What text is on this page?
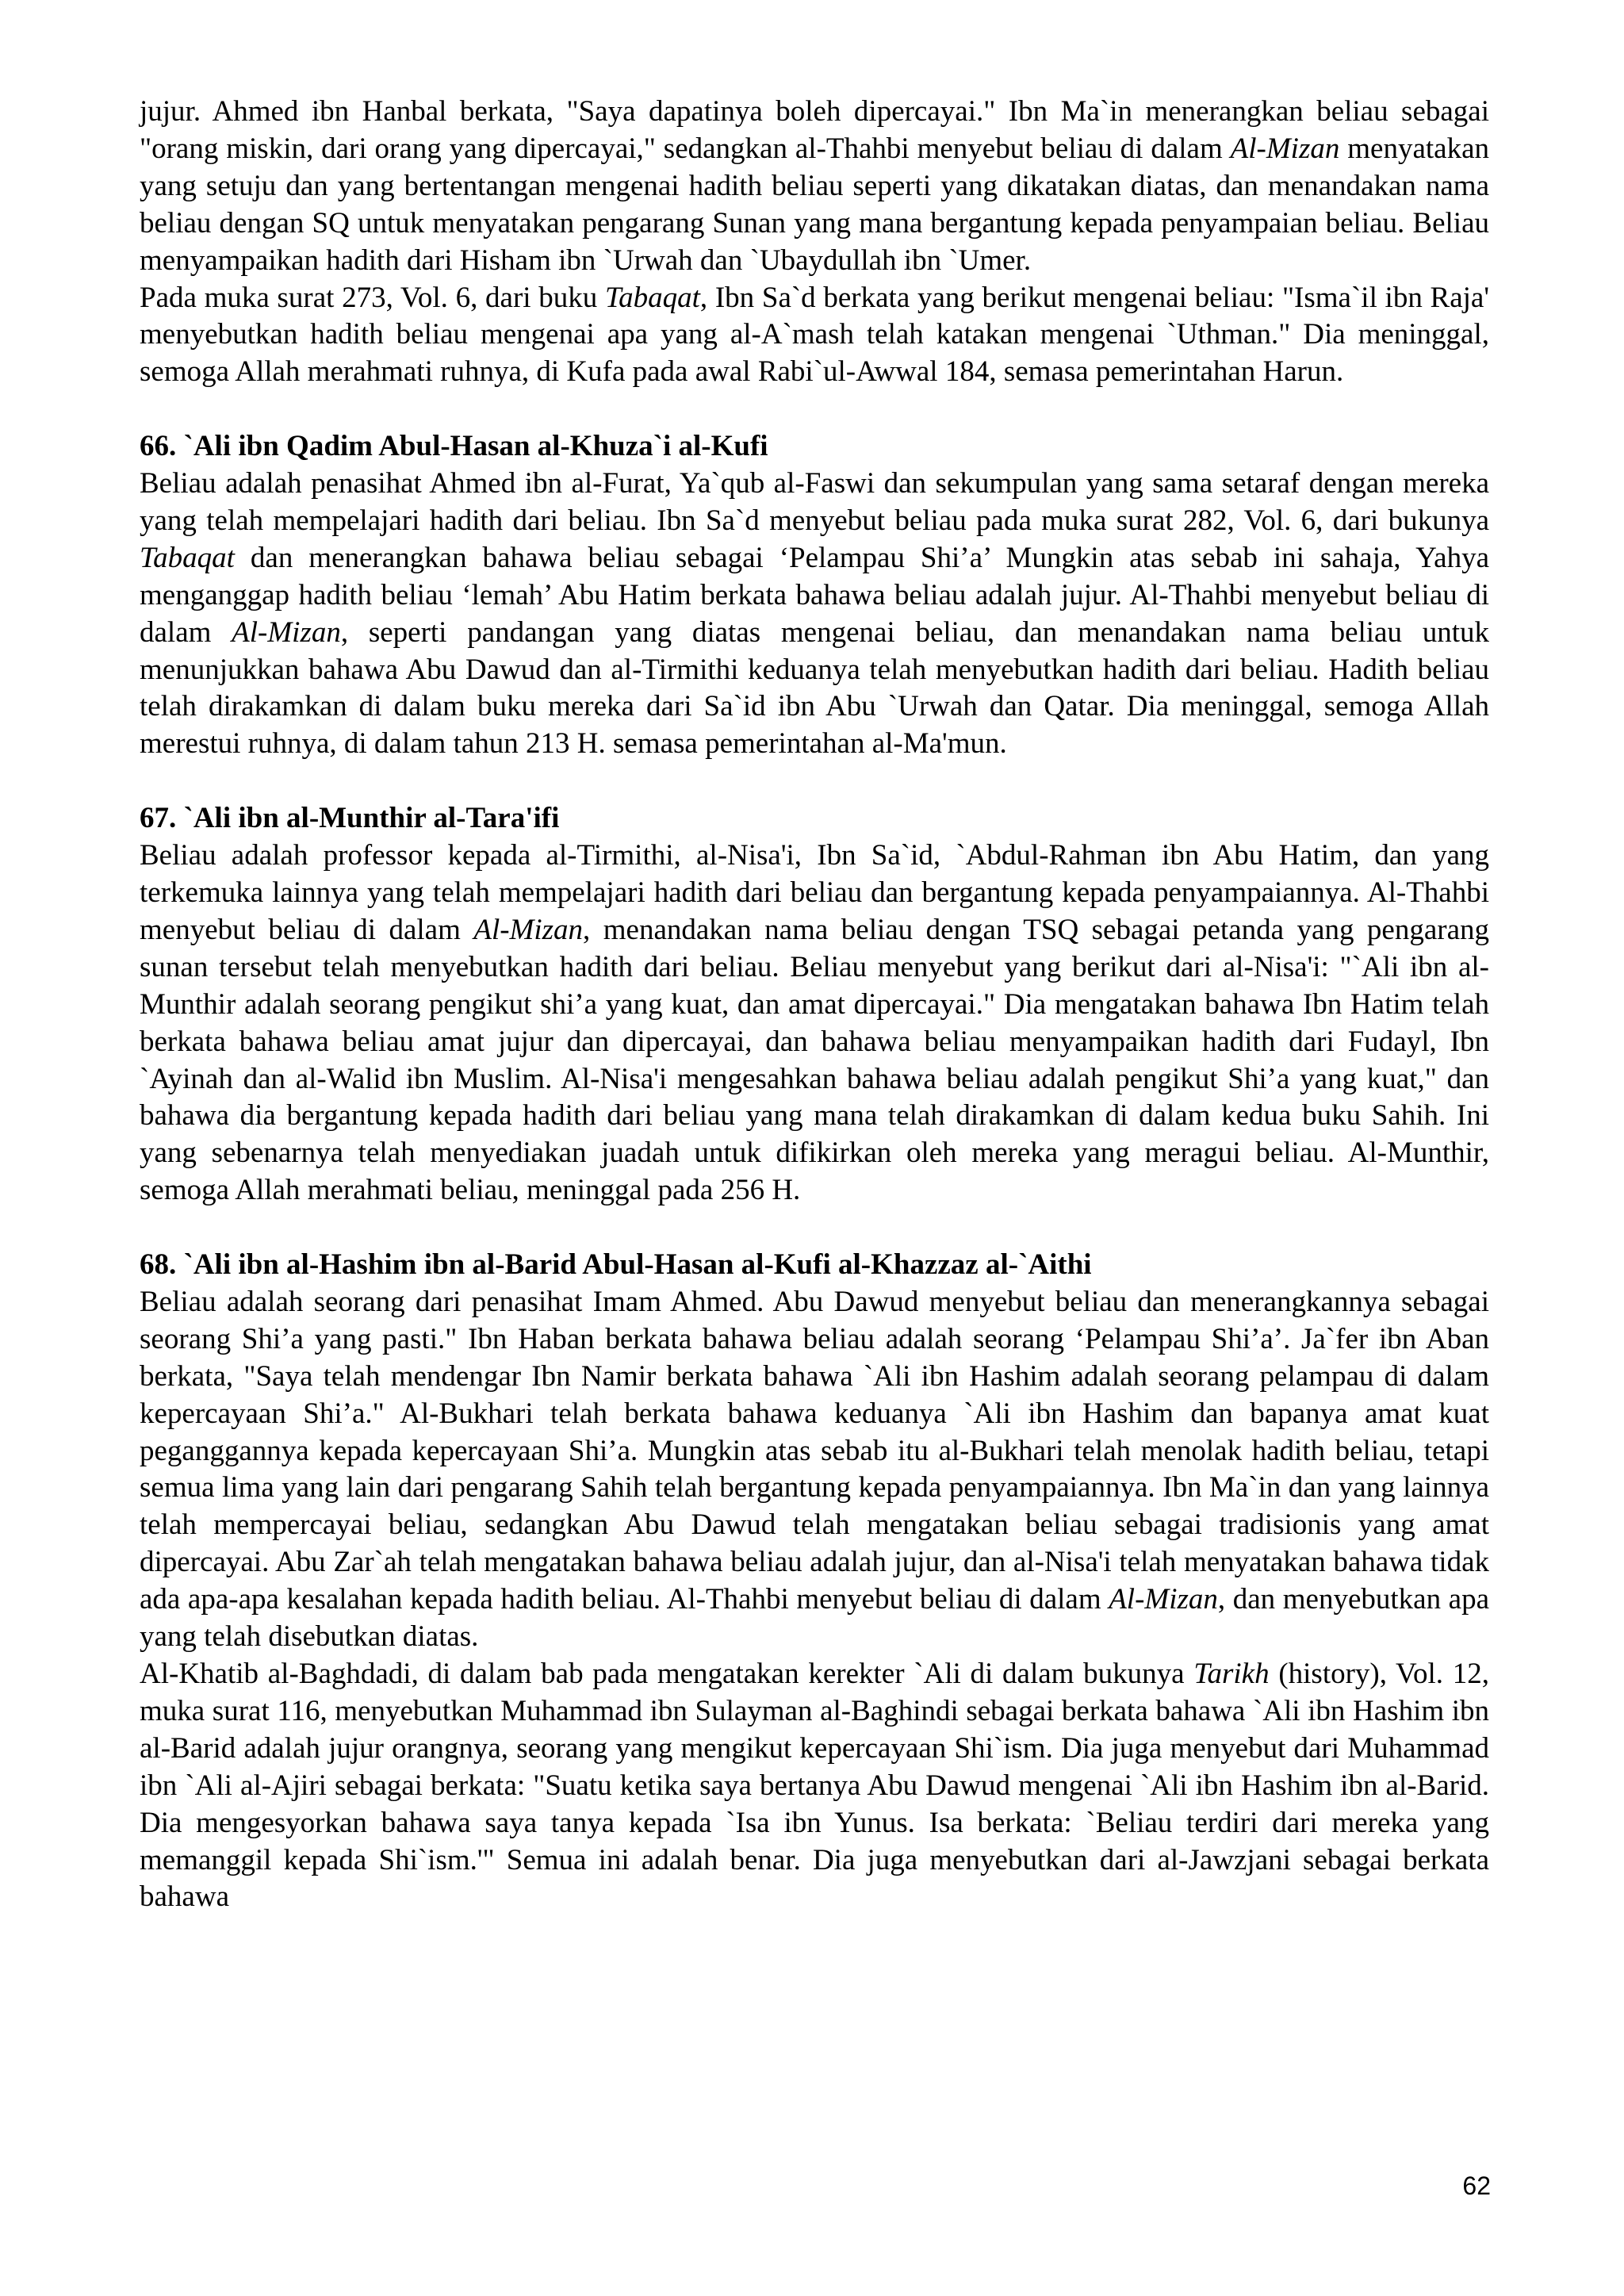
jujur. Ahmed ibn Hanbal berkata, "Saya dapatinya boleh dipercayai." Ibn Ma`in menerangkan beliau sebagai "orang miskin, dari orang yang dipercayai," sedangkan al-Thahbi menyebut beliau di dalam Al-Mizan menyatakan yang setuju dan yang bertentangan mengenai hadith beliau seperti yang dikatakan diatas, dan menandakan nama beliau dengan SQ untuk menyatakan pengarang Sunan yang mana bergantung kepada penyampaian beliau. Beliau menyampaikan hadith dari Hisham ibn `Urwah dan `Ubaydullah ibn `Umer.

Pada muka surat 273, Vol. 6, dari buku Tabaqat, Ibn Sa`d berkata yang berikut mengenai beliau: "Isma`il ibn Raja' menyebutkan hadith beliau mengenai apa yang al-A`mash telah katakan mengenai `Uthman." Dia meninggal, semoga Allah merahmati ruhnya, di Kufa pada awal Rabi`ul-Awwal 184, semasa pemerintahan Harun.

66. `Ali ibn Qadim Abul-Hasan al-Khuza`i al-Kufi

Beliau adalah penasihat Ahmed ibn al-Furat, Ya`qub al-Faswi dan sekumpulan yang sama setaraf dengan mereka yang telah mempelajari hadith dari beliau. Ibn Sa`d menyebut beliau pada muka surat 282, Vol. 6, dari bukunya Tabaqat dan menerangkan bahawa beliau sebagai ‘Pelampau Shi’a’ Mungkin atas sebab ini sahaja, Yahya menganggap hadith beliau ‘lemah’ Abu Hatim berkata bahawa beliau adalah jujur. Al-Thahbi menyebut beliau di dalam Al-Mizan, seperti pandangan yang diatas mengenai beliau, dan menandakan nama beliau untuk menunjukkan bahawa Abu Dawud dan al-Tirmithi keduanya telah menyebutkan hadith dari beliau. Hadith beliau telah dirakamkan di dalam buku mereka dari Sa`id ibn Abu `Urwah dan Qatar. Dia meninggal, semoga Allah merestui ruhnya, di dalam tahun 213 H. semasa pemerintahan al-Ma'mun.

67. `Ali ibn al-Munthir al-Tara'ifi

Beliau adalah professor kepada al-Tirmithi, al-Nisa'i, Ibn Sa`id, `Abdul-Rahman ibn Abu Hatim, dan yang terkemuka lainnya yang telah mempelajari hadith dari beliau dan bergantung kepada penyampaiannya. Al-Thahbi menyebut beliau di dalam Al-Mizan, menandakan nama beliau dengan TSQ sebagai petanda yang pengarang sunan tersebut telah menyebutkan hadith dari beliau. Beliau menyebut yang berikut dari al-Nisa'i: "`Ali ibn al-Munthir adalah seorang pengikut shi’a yang kuat, dan amat dipercayai." Dia mengatakan bahawa Ibn Hatim telah berkata bahawa beliau amat jujur dan dipercayai, dan bahawa beliau menyampaikan hadith dari Fudayl, Ibn `Ayinah dan al-Walid ibn Muslim. Al-Nisa'i mengesahkan bahawa beliau adalah pengikut Shi’a yang kuat," dan bahawa dia bergantung kepada hadith dari beliau yang mana telah dirakamkan di dalam kedua buku Sahih. Ini yang sebenarnya telah menyediakan juadah untuk difikirkan oleh mereka yang meragui beliau. Al-Munthir, semoga Allah merahmati beliau, meninggal pada 256 H.

68. `Ali ibn al-Hashim ibn al-Barid Abul-Hasan al-Kufi al-Khazzaz al-`Aithi

Beliau adalah seorang dari penasihat Imam Ahmed. Abu Dawud menyebut beliau dan menerangkannya sebagai seorang Shi’a yang pasti." Ibn Haban berkata bahawa beliau adalah seorang ‘Pelampau Shi’a’. Ja`fer ibn Aban berkata, "Saya telah mendengar Ibn Namir berkata bahawa `Ali ibn Hashim adalah seorang pelampau di dalam kepercayaan Shi’a." Al-Bukhari telah berkata bahawa keduanya `Ali ibn Hashim dan bapanya amat kuat peganggannya kepada kepercayaan Shi’a. Mungkin atas sebab itu al-Bukhari telah menolak hadith beliau, tetapi semua lima yang lain dari pengarang Sahih telah bergantung kepada penyampaiannya. Ibn Ma`in dan yang lainnya telah mempercayai beliau, sedangkan Abu Dawud telah mengatakan beliau sebagai tradisionis yang amat dipercayai. Abu Zar`ah telah mengatakan bahawa beliau adalah jujur, dan al-Nisa'i telah menyatakan bahawa tidak ada apa-apa kesalahan kepada hadith beliau. Al-Thahbi menyebut beliau di dalam Al-Mizan, dan menyebutkan apa yang telah disebutkan diatas.

Al-Khatib al-Baghdadi, di dalam bab pada mengatakan kerekter `Ali di dalam bukunya Tarikh (history), Vol. 12, muka surat 116, menyebutkan Muhammad ibn Sulayman al-Baghindi sebagai berkata bahawa `Ali ibn Hashim ibn al-Barid adalah jujur orangnya, seorang yang mengikut kepercayaan Shi`ism. Dia juga menyebut dari Muhammad ibn `Ali al-Ajiri sebagai berkata: "Suatu ketika saya bertanya Abu Dawud mengenai `Ali ibn Hashim ibn al-Barid. Dia mengesyorkan bahawa saya tanya kepada `Isa ibn Yunus. Isa berkata: `Beliau terdiri dari mereka yang memanggil kepada Shi`ism.'" Semua ini adalah benar. Dia juga menyebutkan dari al-Jawzjani sebagai berkata bahawa

62
